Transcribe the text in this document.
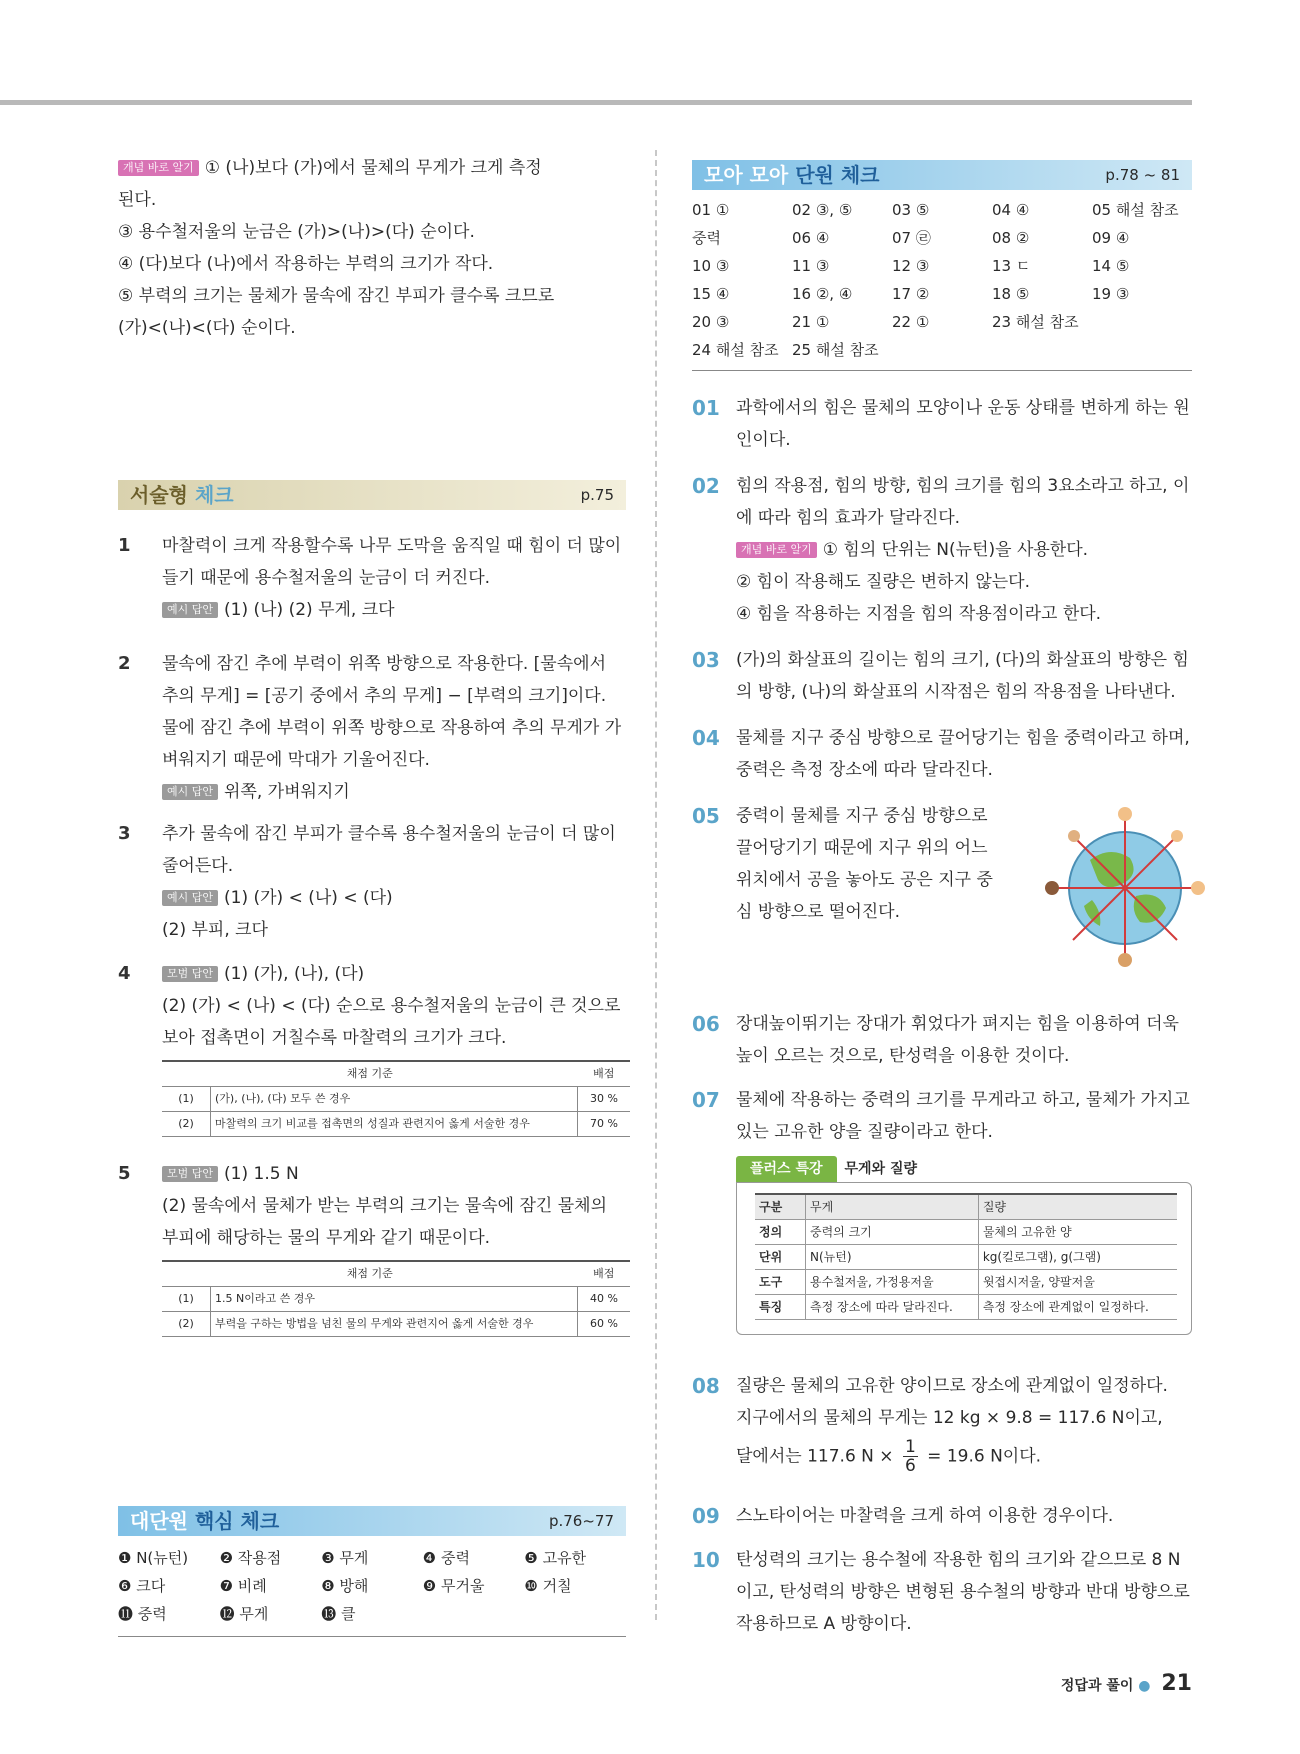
개념 바로 알기 ① (나)보다 (가)에서 물체의 무게가 크게 측정
된다.
③ 용수철저울의 눈금은 (가)>(나)>(다) 순이다.
④ (다)보다 (나)에서 작용하는 부력의 크기가 작다.
⑤ 부력의 크기는 물체가 물속에 잠긴 부피가 클수록 크므로
(가)<(나)<(다) 순이다.
서술형 체크	p.75
1 마찰력이 크게 작용할수록 나무 도막을 움직일 때 힘이 더 많이 들기 때문에 용수철저울의 눈금이 더 커진다.
예시 답안 (1) (나) (2) 무게, 크다
2 물속에 잠긴 추에 부력이 위쪽 방향으로 작용한다. [물속에서 추의 무게] = [공기 중에서 추의 무게] − [부력의 크기]이다. 물에 잠긴 추에 부력이 위쪽 방향으로 작용하여 추의 무게가 가벼워지기 때문에 막대가 기울어진다.
예시 답안 위쪽, 가벼워지기
3 추가 물속에 잠긴 부피가 클수록 용수철저울의 눈금이 더 많이 줄어든다.
예시 답안 (1) (가) < (나) < (다)
(2) 부피, 크다
4	모범 답안 (1) (가), (나), (다)
(2) (가) < (나) < (다) 순으로 용수철저울의 눈금이 큰 것으로 보아 접촉면이 거칠수록 마찰력의 크기가 크다.
채점 기준		배점
(1)	(가), (나), (다) 모두 쓴 경우	30 %
(2)	마찰력의 크기 비교를 접촉면의 성질과 관련지어 옳게 서술한 경우	70 %
5	모범 답안 (1) 1.5 N
(2) 물속에서 물체가 받는 부력의 크기는 물속에 잠긴 물체의 부피에 해당하는 물의 무게와 같기 때문이다.
채점 기준		배점
(1)	1.5 N이라고 쓴 경우	40 %
(2)	부력을 구하는 방법을 넘친 물의 무게와 관련지어 옳게 서술한 경우	60 %
대단원 핵심 체크	p.76~77
❶ N(뉴턴)	❷ 작용점	❸ 무게	❹ 중력	❺ 고유한
❻ 크다	❼ 비례	❽ 방해	❾ 무거울	❿ 거칠
⓫ 중력	⓬ 무게	⓭ 클
모아 모아 단원 체크	p.78 ~ 81
01 ①	02 ③, ⑤	03 ⑤	04 ④	05 해설 참조
중력	06 ④	07 ㉣	08 ②	09 ④
10 ③	11 ③	12 ③	13 ㄷ	14 ⑤
15 ④	16 ②, ④	17 ②	18 ⑤	19 ③
20 ③	21 ①	22 ①	23 해설 참조
24 해설 참조 25 해설 참조
01 과학에서의 힘은 물체의 모양이나 운동 상태를 변하게 하는 원인이다.
02 힘의 작용점, 힘의 방향, 힘의 크기를 힘의 3요소라고 하고, 이에 따라 힘의 효과가 달라진다.
개념 바로 알기 ① 힘의 단위는 N(뉴턴)을 사용한다.
② 힘이 작용해도 질량은 변하지 않는다.
④ 힘을 작용하는 지점을 힘의 작용점이라고 한다.
03 (가)의 화살표의 길이는 힘의 크기, (다)의 화살표의 방향은 힘의 방향, (나)의 화살표의 시작점은 힘의 작용점을 나타낸다.
04 물체를 지구 중심 방향으로 끌어당기는 힘을 중력이라고 하며, 중력은 측정 장소에 따라 달라진다.
05 중력이 물체를 지구 중심 방향으로 끌어당기기 때문에 지구 위의 어느 위치에서 공을 놓아도 공은 지구 중심 방향으로 떨어진다.
06 장대높이뛰기는 장대가 휘었다가 펴지는 힘을 이용하여 더욱 높이 오르는 것으로, 탄성력을 이용한 것이다.
07 물체에 작용하는 중력의 크기를 무게라고 하고, 물체가 가지고 있는 고유한 양을 질량이라고 한다.
플러스 특강	무게와 질량
구분	무게	질량
정의	중력의 크기	물체의 고유한 양
단위	N(뉴턴)	kg(킬로그램), g(그램)
도구	용수철저울, 가정용저울	윗접시저울, 양팔저울
특징	측정 장소에 따라 달라진다.	측정 장소에 관계없이 일정하다.
08 질량은 물체의 고유한 양이므로 장소에 관계없이 일정하다.
지구에서의 물체의 무게는 12 kg × 9.8 = 117.6 N이고,
달에서는 117.6 $N \times \frac{1}{6} = 19.6$ N이다.
09 스노타이어는 마찰력을 크게 하여 이용한 경우이다.
10 탄성력의 크기는 용수철에 작용한 힘의 크기와 같으므로 8 N이고, 탄성력의 방향은 변형된 용수철의 방향과 반대 방향으로 작용하므로 A 방향이다.
정답과 풀이 ● 21
